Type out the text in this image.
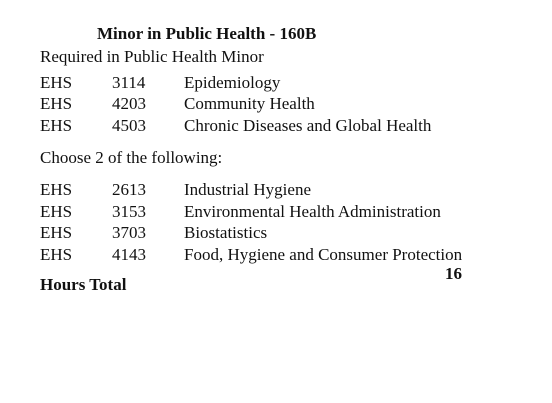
Minor in Public Health - 160B
Required in Public Health Minor
EHS 3114 Epidemiology
EHS 4203 Community Health
EHS 4503 Chronic Diseases and Global Health
Choose 2 of the following:
EHS 2613 Industrial Hygiene
EHS 3153 Environmental Health Administration
EHS 3703 Biostatistics
EHS 4143 Food, Hygiene and Consumer Protection
16
Hours Total
